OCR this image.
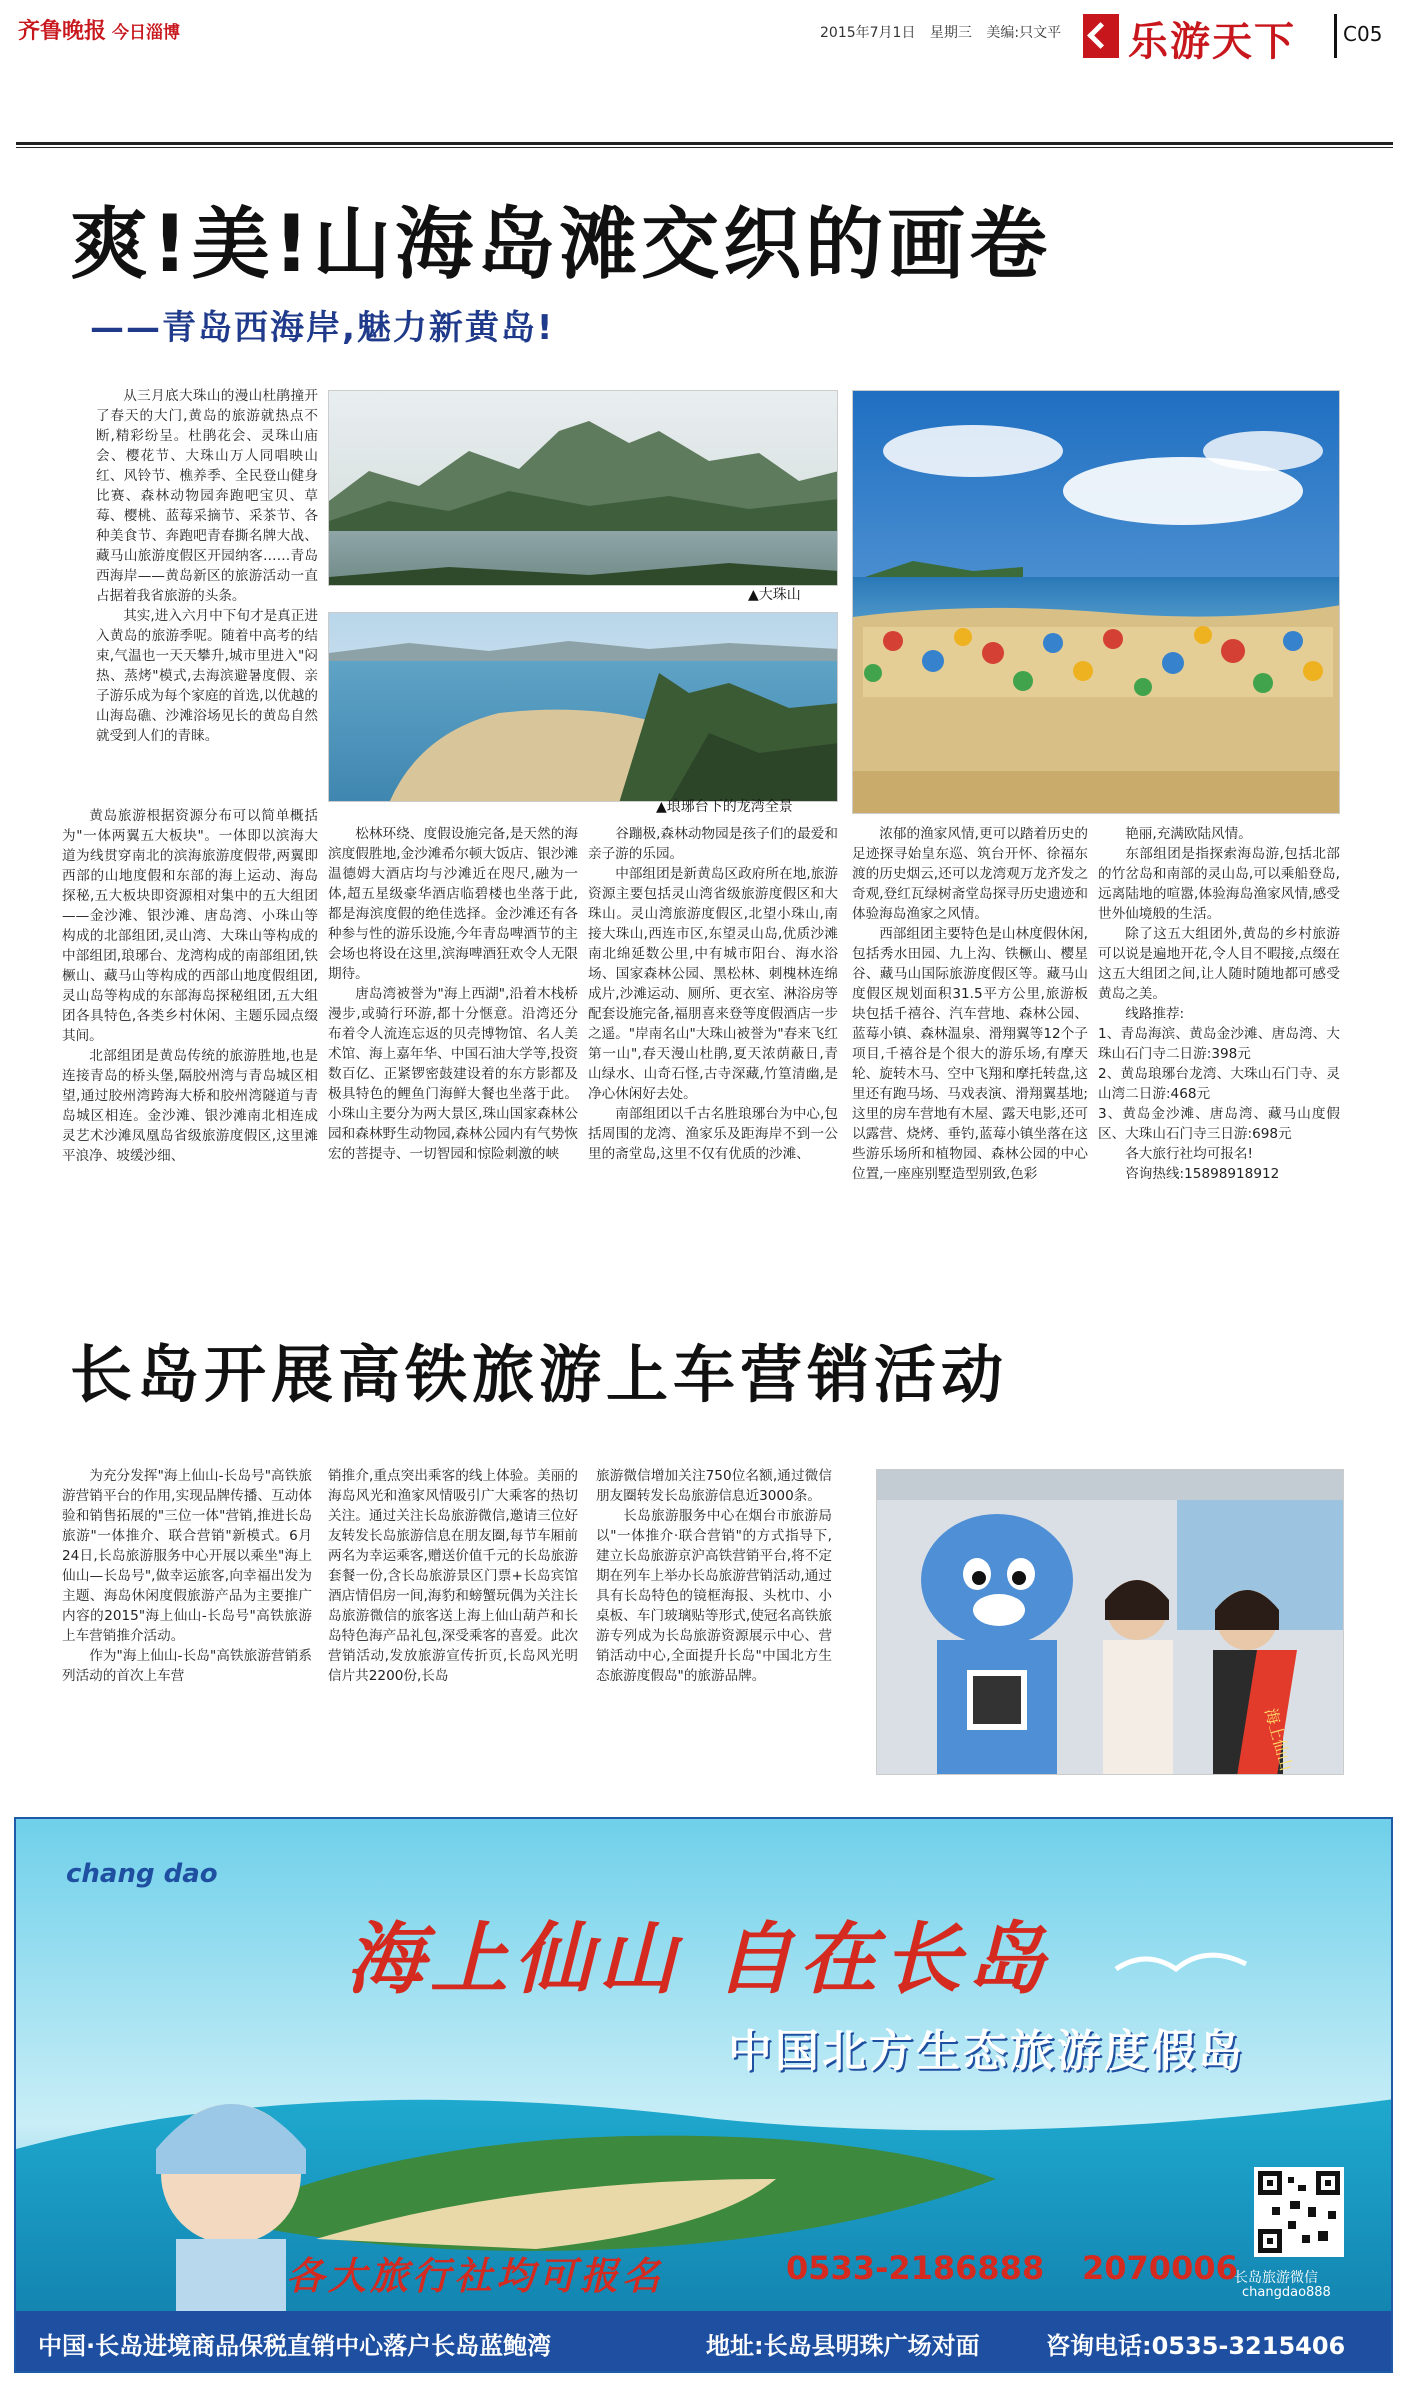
齐鲁晚报 今日淄博	2015年7月1日 星期三 美编:只文平 乐游天下 C05
爽!美!山海岛滩交织的画卷
——青岛西海岸,魅力新黄岛!

从三月底大珠山的漫山杜鹃撞开了春天的大门,黄岛的旅游就热点不断,精彩纷呈。杜鹃花会、灵珠山庙会、樱花节、大珠山万人同唱映山红、风铃节、樵养季、全民登山健身比赛、森林动物园奔跑吧宝贝、草莓、樱桃、蓝莓采摘节、采茶节、各种美食节、奔跑吧青春撕名牌大战、藏马山旅游度假区开园纳客……青岛西海岸——黄岛新区的旅游活动一直占据着我省旅游的头条。

其实,进入六月中下旬才是真正进入黄岛的旅游季呢。随着中高考的结束,气温也一天天攀升,城市里进入"闷热、蒸烤"模式,去海滨避暑度假、亲子游乐成为每个家庭的首选,以优越的山海岛礁、沙滩浴场见长的黄岛自然就受到人们的青睐。

黄岛旅游根据资源分布可以简单概括为"一体两翼五大板块"。一体即以滨海大道为线贯穿南北的滨海旅游度假带,两翼即西部的山地度假和东部的海上运动、海岛探秘,五大板块即资源相对集中的五大组团——金沙滩、银沙滩、唐岛湾、小珠山等构成的北部组团,灵山湾、大珠山等构成的中部组团,琅琊台、龙湾构成的南部组团,铁橛山、藏马山等构成的西部山地度假组团,灵山岛等构成的东部海岛探秘组团,五大组团各具特色,各类乡村休闲、主题乐园点缀其间。

北部组团是黄岛传统的旅游胜地,也是连接青岛的桥头堡,隔胶州湾与青岛城区相望,通过胶州湾跨海大桥和胶州湾隧道与青岛城区相连。金沙滩、银沙滩南北相连成灵艺术沙滩凤凰岛省级旅游度假区,这里滩平浪净、坡缓沙细、

▲大珠山
▲琅琊台下的龙湾全景

松林环绕、度假设施完备,是天然的海滨度假胜地,金沙滩希尔顿大饭店、银沙滩温德姆大酒店均与沙滩近在咫尺,融为一体,超五星级豪华酒店临碧楼也坐落于此,都是海滨度假的绝佳选择。金沙滩还有各种参与性的游乐设施,今年青岛啤酒节的主会场也将设在这里,滨海啤酒狂欢令人无限期待。

唐岛湾被誉为"海上西湖",沿着木栈桥漫步,或骑行环游,都十分惬意。沿湾还分布着令人流连忘返的贝壳博物馆、名人美术馆、海上嘉年华、中国石油大学等,投资数百亿、正紧锣密鼓建设着的东方影都及极具特色的鲤鱼门海鲜大餐也坐落于此。小珠山主要分为两大景区,珠山国家森林公园和森林野生动物园,森林公园内有气势恢宏的菩提寺、一切智园和惊险刺激的峡

谷蹦极,森林动物园是孩子们的最爱和亲子游的乐园。

中部组团是新黄岛区政府所在地,旅游资源主要包括灵山湾省级旅游度假区和大珠山。灵山湾旅游度假区,北望小珠山,南接大珠山,西连市区,东望灵山岛,优质沙滩南北绵延数公里,中有城市阳台、海水浴场、国家森林公园、黑松林、刺槐林连绵成片,沙滩运动、厕所、更衣室、淋浴房等配套设施完备,福朋喜来登等度假酒店一步之遥。"岸南名山"大珠山被誉为"春来飞红第一山",春天漫山杜鹃,夏天浓荫蔽日,青山绿水、山奇石怪,古寺深藏,竹篁清幽,是净心休闲好去处。

南部组团以千古名胜琅琊台为中心,包括周围的龙湾、渔家乐及距海岸不到一公里的斋堂岛,这里不仅有优质的沙滩、

浓郁的渔家风情,更可以踏着历史的足迹探寻始皇东巡、筑台开怀、徐福东渡的历史烟云,还可以龙湾观万龙齐发之奇观,登红瓦绿树斋堂岛探寻历史遗迹和体验海岛渔家之风情。

西部组团主要特色是山林度假休闲,包括秀水田园、九上沟、铁橛山、樱星谷、藏马山国际旅游度假区等。藏马山度假区规划面积31.5平方公里,旅游板块包括千禧谷、汽车营地、森林公园、蓝莓小镇、森林温泉、滑翔翼等12个子项目,千禧谷是个很大的游乐场,有摩天轮、旋转木马、空中飞翔和摩托转盘,这里还有跑马场、马戏表演、滑翔翼基地;这里的房车营地有木屋、露天电影,还可以露营、烧烤、垂钓,蓝莓小镇坐落在这些游乐场所和植物园、森林公园的中心位置,一座座别墅造型别致,色彩

艳丽,充满欧陆风情。

东部组团是指探索海岛游,包括北部的竹岔岛和南部的灵山岛,可以乘船登岛,远离陆地的喧嚣,体验海岛渔家风情,感受世外仙境般的生活。

除了这五大组团外,黄岛的乡村旅游可以说是遍地开花,令人目不暇接,点缀在这五大组团之间,让人随时随地都可感受黄岛之美。

线路推荐:

1、青岛海滨、黄岛金沙滩、唐岛湾、大珠山石门寺二日游:398元

2、黄岛琅琊台龙湾、大珠山石门寺、灵山湾二日游:468元

3、黄岛金沙滩、唐岛湾、藏马山度假区、大珠山石门寺三日游:698元

各大旅行社均可报名!

咨询热线:15898918912

长岛开展高铁旅游上车营销活动

为充分发挥"海上仙山-长岛号"高铁旅游营销平台的作用,实现品牌传播、互动体验和销售拓展的"三位一体"营销,推进长岛旅游"一体推介、联合营销"新模式。6月24日,长岛旅游服务中心开展以乘坐"海上仙山—长岛号",做幸运旅客,向幸福出发为主题、海岛休闲度假旅游产品为主要推广内容的2015"海上仙山-长岛号"高铁旅游上车营销推介活动。

作为"海上仙山-长岛"高铁旅游营销系列活动的首次上车营

销推介,重点突出乘客的线上体验。美丽的海岛风光和渔家风情吸引广大乘客的热切关注。通过关注长岛旅游微信,邀请三位好友转发长岛旅游信息在朋友圈,每节车厢前两名为幸运乘客,赠送价值千元的长岛旅游套餐一份,含长岛旅游景区门票+长岛宾馆酒店情侣房一间,海豹和螃蟹玩偶为关注长岛旅游微信的旅客送上海上仙山葫芦和长岛特色海产品礼包,深受乘客的喜爱。此次营销活动,发放旅游宣传折页,长岛风光明信片共2200份,长岛

旅游微信增加关注750位名额,通过微信朋友圈转发长岛旅游信息近3000条。

长岛旅游服务中心在烟台市旅游局以"一体推介·联合营销"的方式指导下,建立长岛旅游京沪高铁营销平台,将不定期在列车上举办长岛旅游营销活动,通过具有长岛特色的镜框海报、头枕巾、小桌板、车门玻璃贴等形式,使冠名高铁旅游专列成为长岛旅游资源展示中心、营销活动中心,全面提升长岛"中国北方生态旅游度假岛"的旅游品牌。

海上仙山
chang dao
海上仙山 自在长岛
中国北方生态旅游度假岛
各大旅行社均可报名	0533-2186888 2070006
长岛旅游微信
changdao888
中国·长岛进境商品保税直销中心落户长岛蓝鲍湾	地址:长岛县明珠广场对面	咨询电话:0535-3215406
